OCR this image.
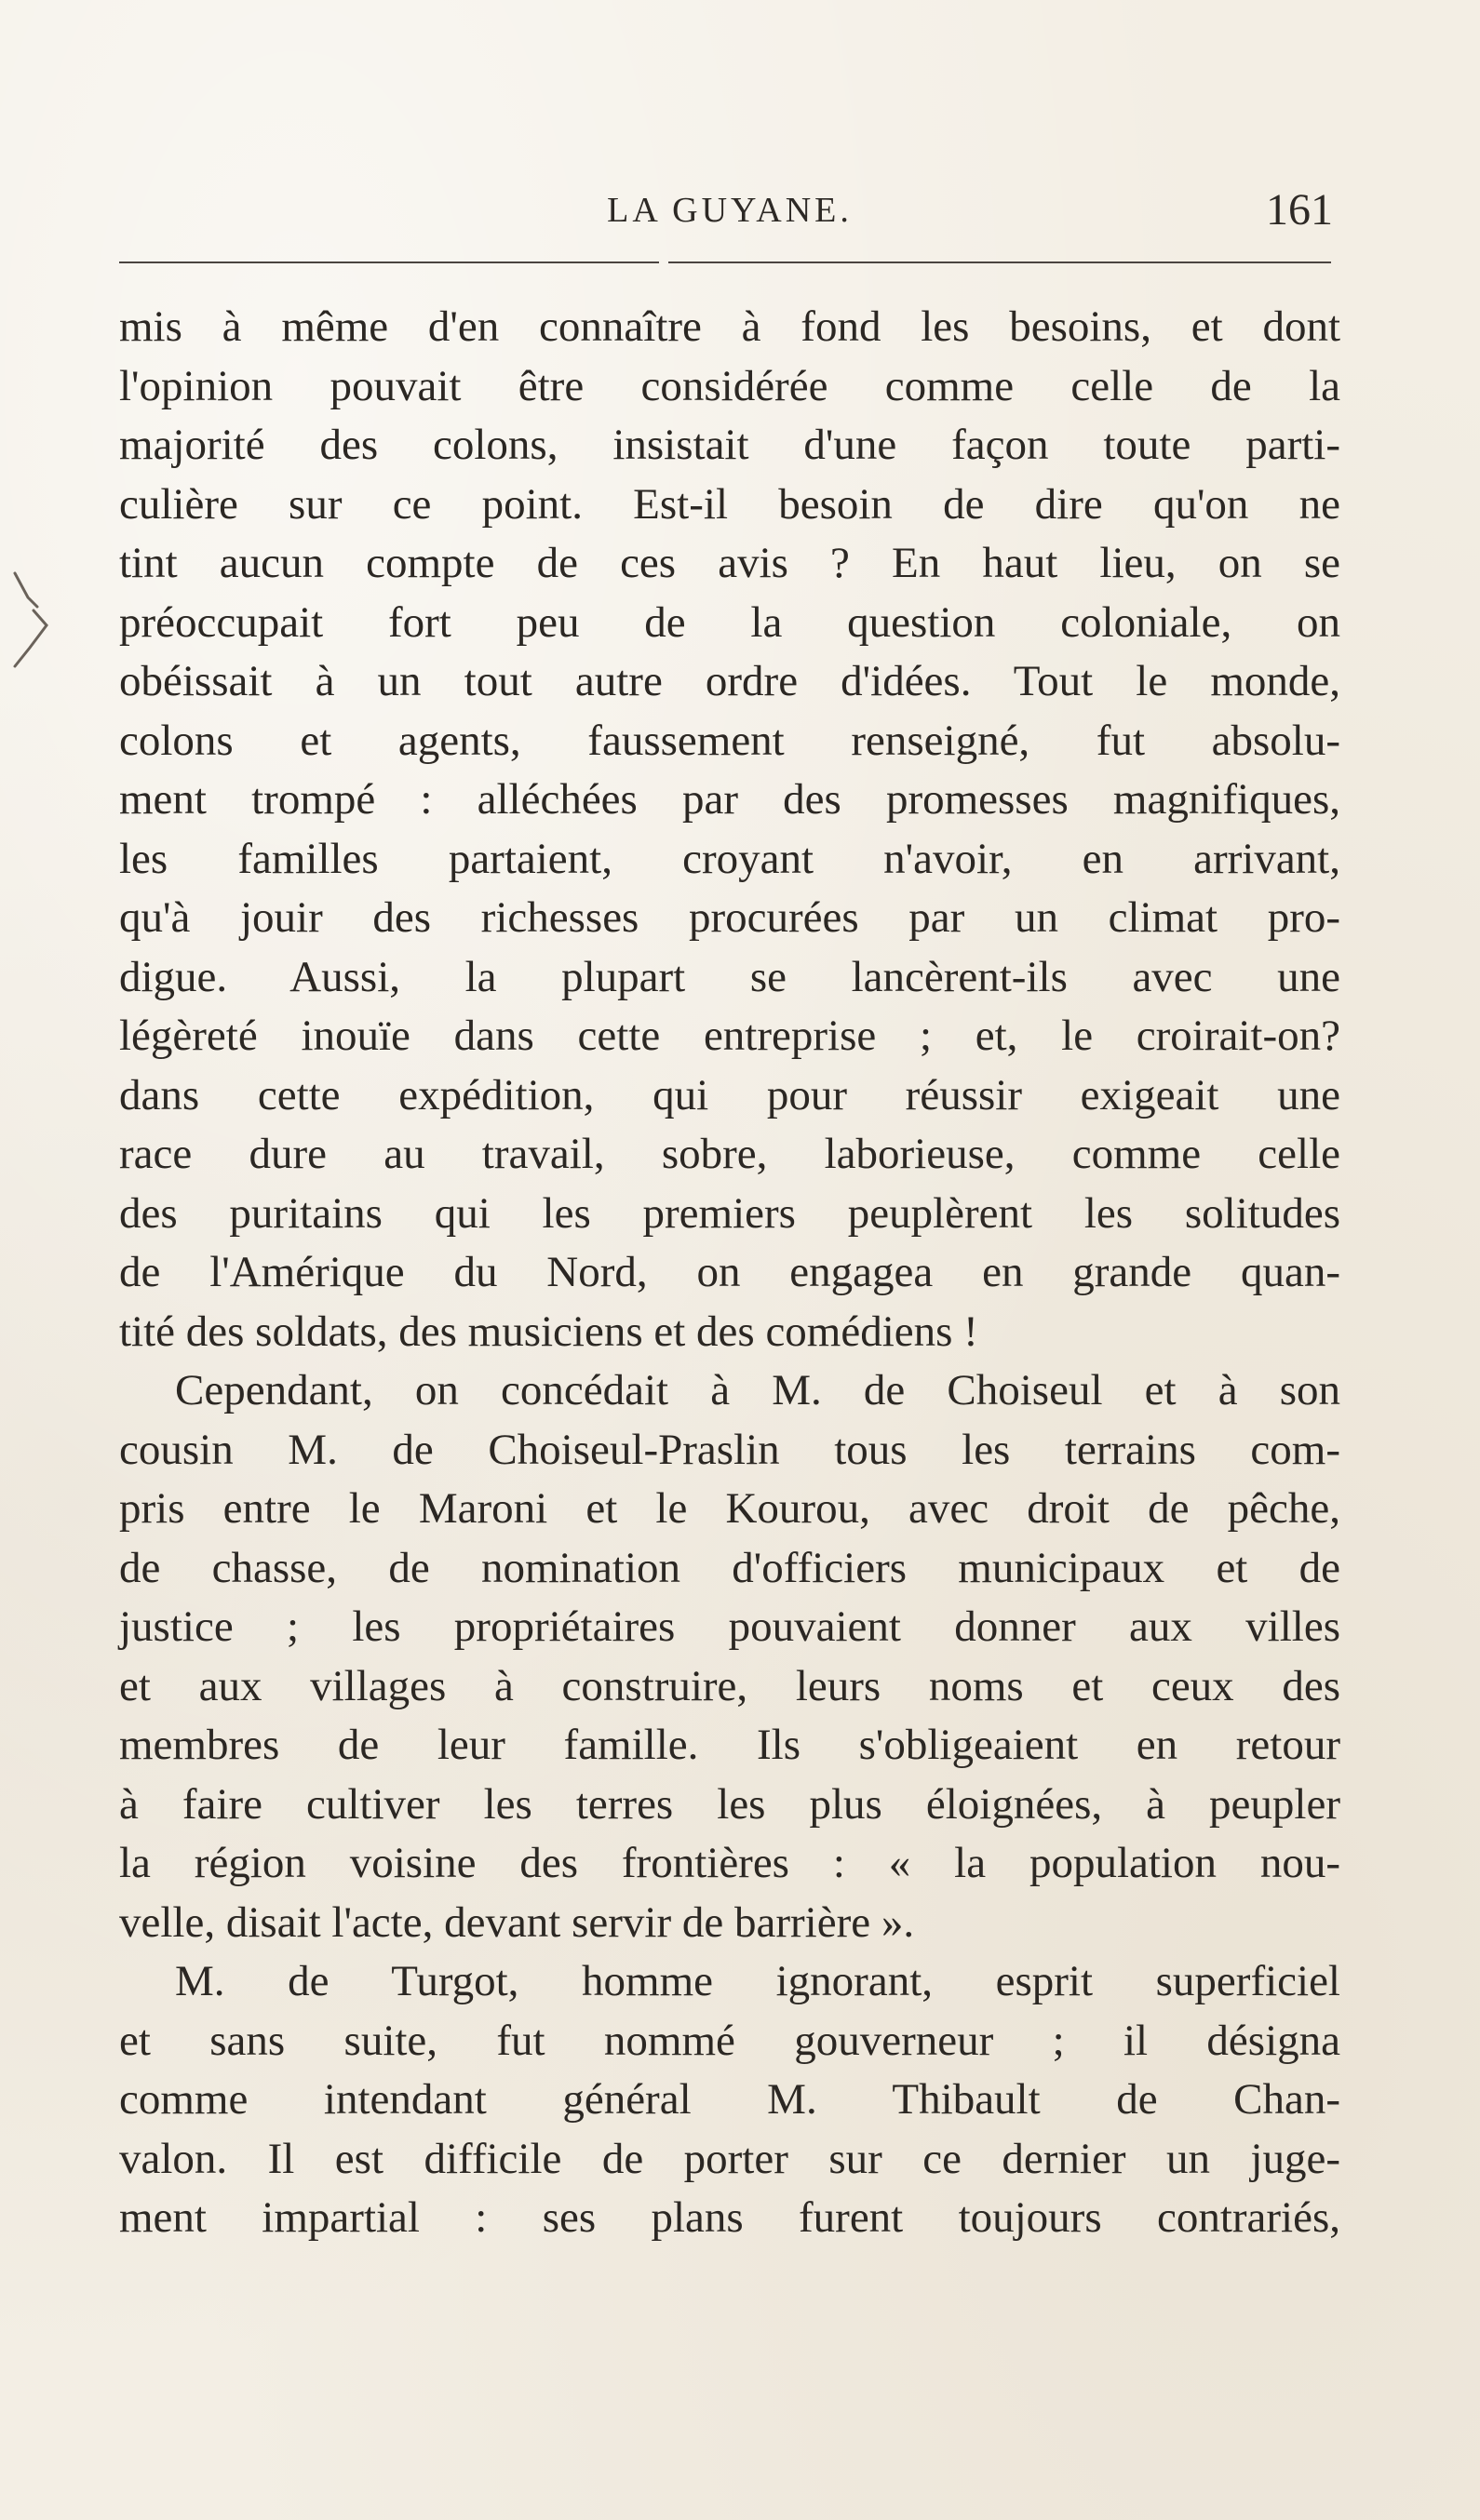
LA GUYANE.	161
mis à même d'en connaître à fond les besoins, et dont
l'opinion pouvait être considérée comme celle de la
majorité des colons, insistait d'une façon toute parti-
culière sur ce point. Est-il besoin de dire qu'on ne
tint aucun compte de ces avis ? En haut lieu, on se
préoccupait fort peu de la question coloniale, on
obéissait à un tout autre ordre d'idées. Tout le monde,
colons et agents, faussement renseigné, fut absolu-
ment trompé : alléchées par des promesses magnifiques,
les familles partaient, croyant n'avoir, en arrivant,
qu'à jouir des richesses procurées par un climat pro-
digue. Aussi, la plupart se lancèrent-ils avec une
légèreté inouïe dans cette entreprise ; et, le croirait-on?
dans cette expédition, qui pour réussir exigeait une
race dure au travail, sobre, laborieuse, comme celle
des puritains qui les premiers peuplèrent les solitudes
de l'Amérique du Nord, on engagea en grande quan-
tité des soldats, des musiciens et des comédiens !
Cependant, on concédait à M. de Choiseul et à son
cousin M. de Choiseul-Praslin tous les terrains com-
pris entre le Maroni et le Kourou, avec droit de pêche,
de chasse, de nomination d'officiers municipaux et de
justice ; les propriétaires pouvaient donner aux villes
et aux villages à construire, leurs noms et ceux des
membres de leur famille. Ils s'obligeaient en retour
à faire cultiver les terres les plus éloignées, à peupler
la région voisine des frontières : « la population nou-
velle, disait l'acte, devant servir de barrière ».
M. de Turgot, homme ignorant, esprit superficiel
et sans suite, fut nommé gouverneur ; il désigna
comme intendant général M. Thibault de Chan-
valon. Il est difficile de porter sur ce dernier un juge-
ment impartial : ses plans furent toujours contrariés,
